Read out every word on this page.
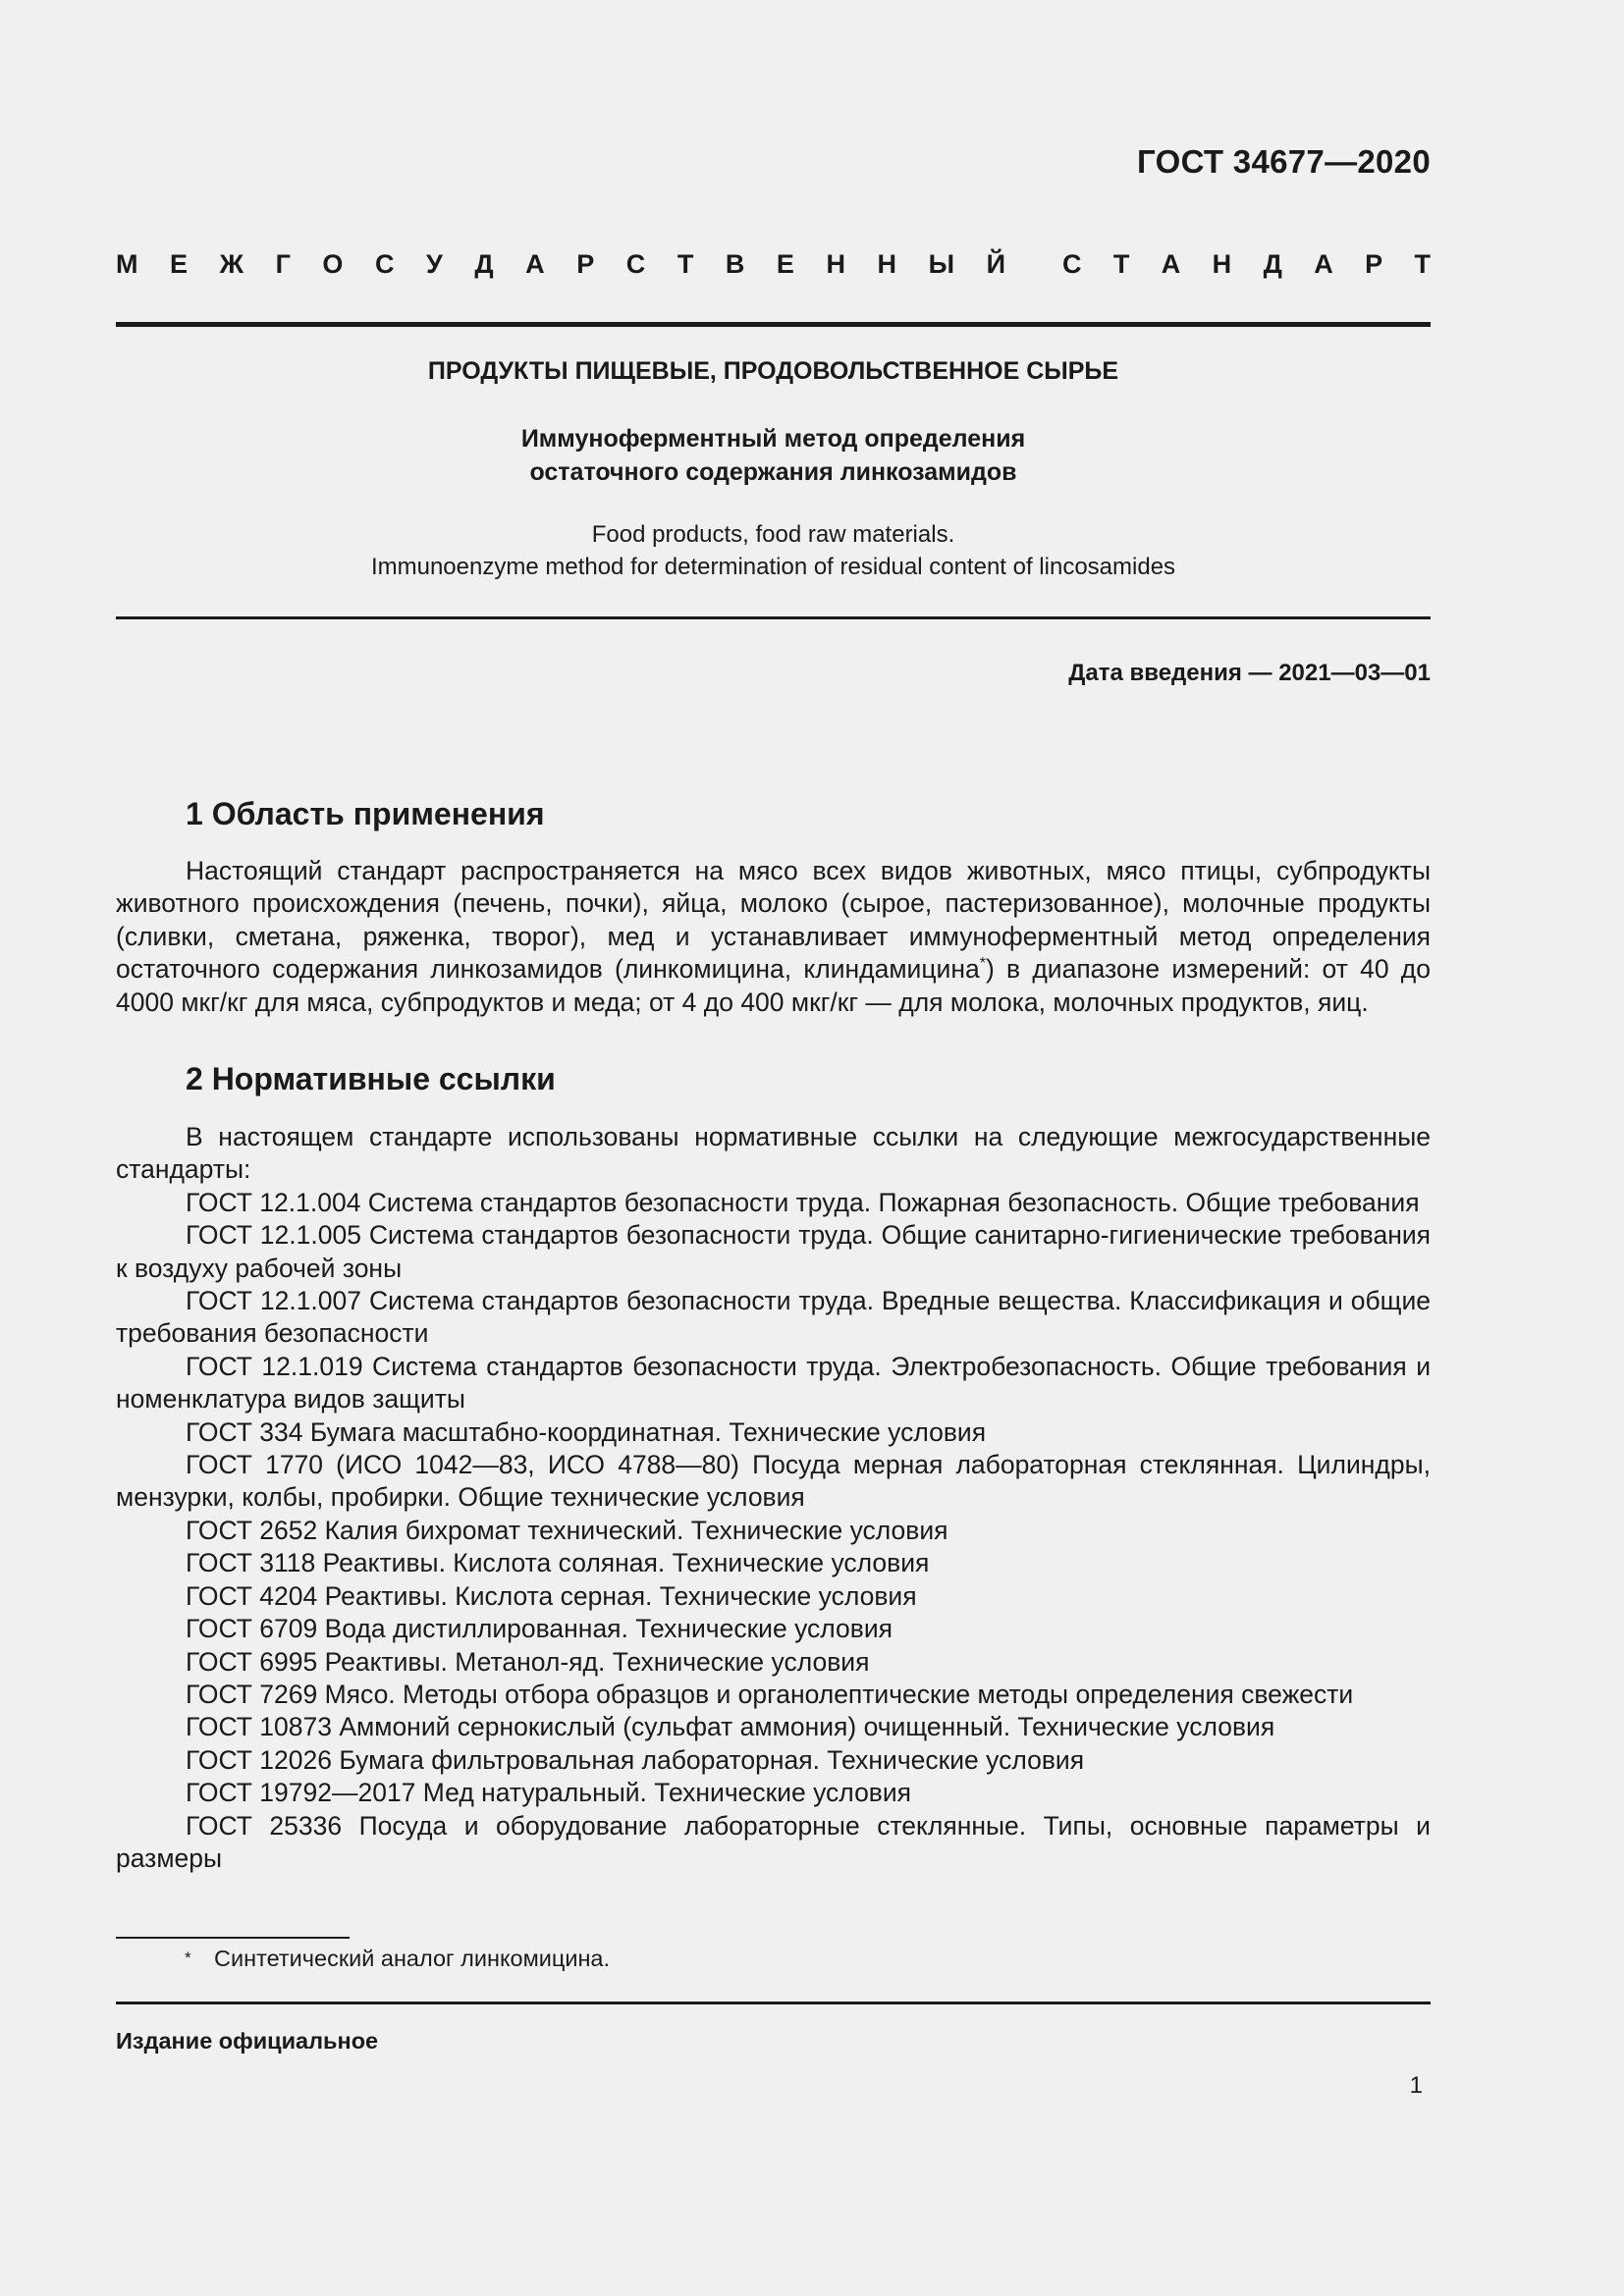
ГОСТ 34677—2020
М Е Ж Г О С У Д А Р С Т В Е Н Н Ы Й С Т А Н Д А Р Т
ПРОДУКТЫ ПИЩЕВЫЕ, ПРОДОВОЛЬСТВЕННОЕ СЫРЬЕ
Иммуноферментный метод определения
остаточного содержания линкозамидов
Food products, food raw materials.
Immunoenzyme method for determination of residual content of lincosamides
Дата введения — 2021—03—01
1 Область применения

Настоящий стандарт распространяется на мясо всех видов животных, мясо птицы, субпродукты животного происхождения (печень, почки), яйца, молоко (сырое, пастеризованное), молочные продукты (сливки, сметана, ряженка, творог), мед и устанавливает иммуноферментный метод определения остаточного содержания линкозамидов (линкомицина, клиндамицина*) в диапазоне измерений: от 40 до 4000 мкг/кг для мяса, субпродуктов и меда; от 4 до 400 мкг/кг — для молока, молочных продуктов, яиц.

2 Нормативные ссылки

В настоящем стандарте использованы нормативные ссылки на следующие межгосударственные стандарты:

ГОСТ 12.1.004 Система стандартов безопасности труда. Пожарная безопасность. Общие требования

ГОСТ 12.1.005 Система стандартов безопасности труда. Общие санитарно-гигиенические требования к воздуху рабочей зоны

ГОСТ 12.1.007 Система стандартов безопасности труда. Вредные вещества. Классификация и общие требования безопасности

ГОСТ 12.1.019 Система стандартов безопасности труда. Электробезопасность. Общие требования и номенклатура видов защиты

ГОСТ 334 Бумага масштабно-координатная. Технические условия

ГОСТ 1770 (ИСО 1042—83, ИСО 4788—80) Посуда мерная лабораторная стеклянная. Цилиндры, мензурки, колбы, пробирки. Общие технические условия

ГОСТ 2652 Калия бихромат технический. Технические условия

ГОСТ 3118 Реактивы. Кислота соляная. Технические условия

ГОСТ 4204 Реактивы. Кислота серная. Технические условия

ГОСТ 6709 Вода дистиллированная. Технические условия

ГОСТ 6995 Реактивы. Метанол-яд. Технические условия

ГОСТ 7269 Мясо. Методы отбора образцов и органолептические методы определения свежести

ГОСТ 10873 Аммоний сернокислый (сульфат аммония) очищенный. Технические условия

ГОСТ 12026 Бумага фильтровальная лабораторная. Технические условия

ГОСТ 19792—2017 Мед натуральный. Технические условия

ГОСТ 25336 Посуда и оборудование лабораторные стеклянные. Типы, основные параметры и размеры

* Синтетический аналог линкомицина.
Издание официальное
1
